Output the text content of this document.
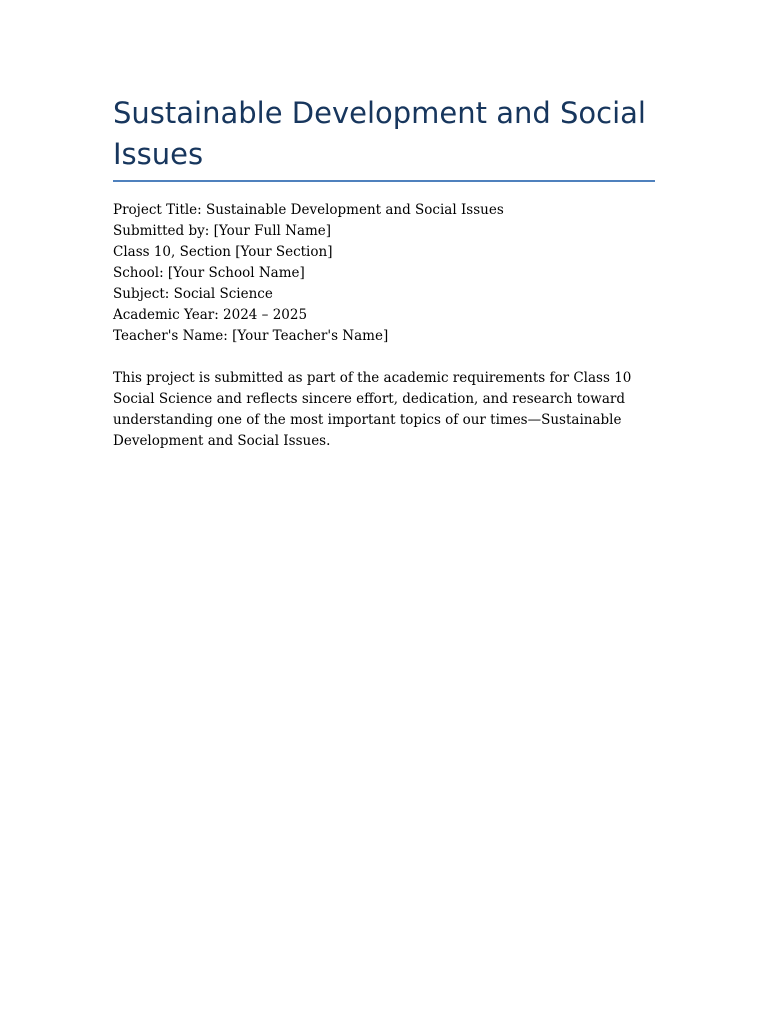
Sustainable Development and Social Issues
Project Title: Sustainable Development and Social Issues
Submitted by: [Your Full Name]
Class 10, Section [Your Section]
School: [Your School Name]
Subject: Social Science
Academic Year: 2024 – 2025
Teacher's Name: [Your Teacher's Name]

This project is submitted as part of the academic requirements for Class 10 Social Science and reflects sincere effort, dedication, and research toward understanding one of the most important topics of our times—Sustainable Development and Social Issues.
